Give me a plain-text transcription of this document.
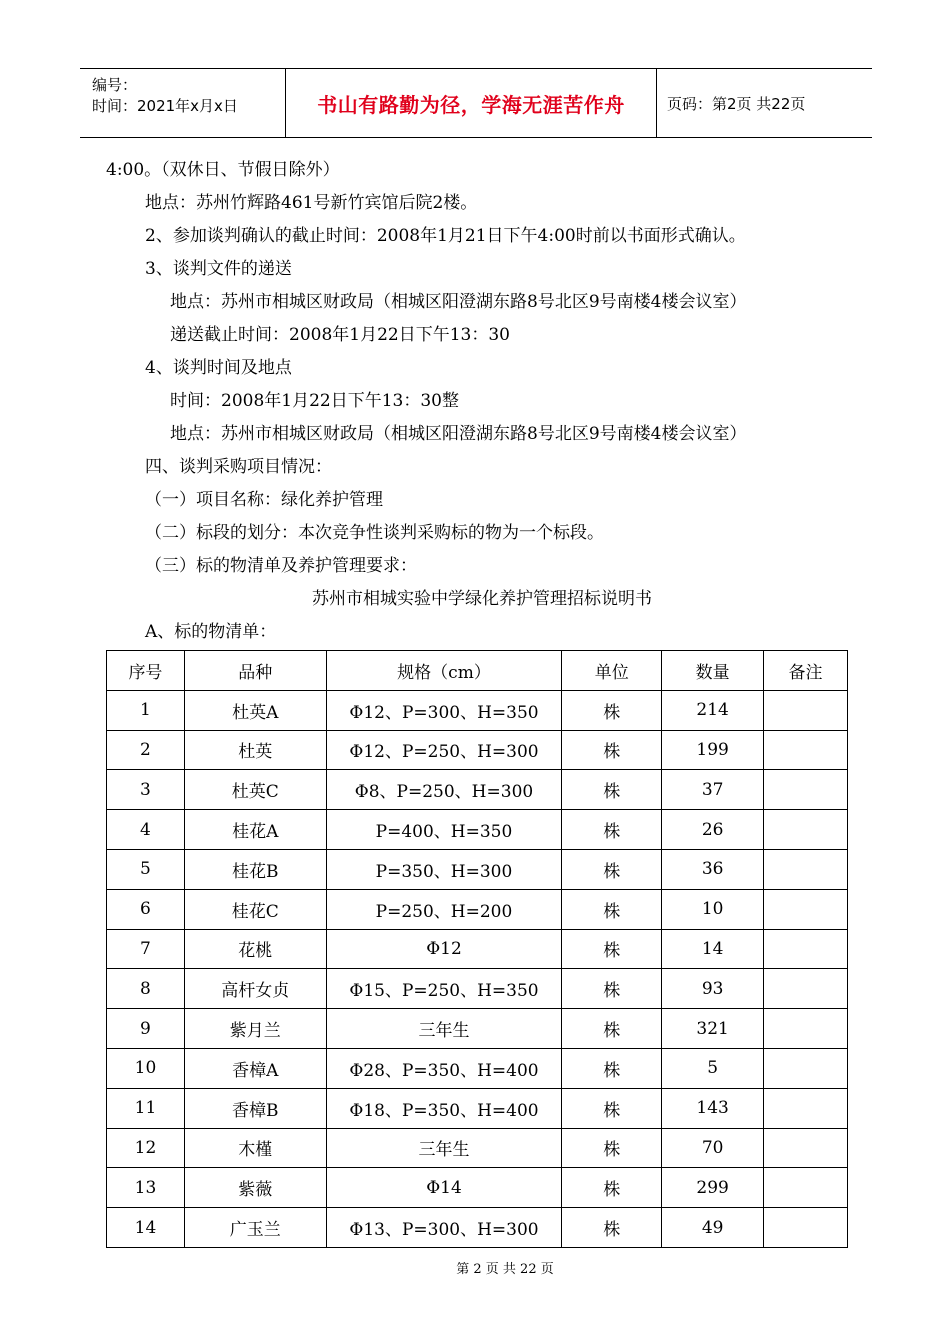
编号：
时间：2021年x月x日	书山有路勤为径，学海无涯苦作舟	页码：第2页 共22页
4:00。（双休日、节假日除外）
地点：苏州竹辉路461号新竹宾馆后院2楼。
2、参加谈判确认的截止时间：2008年1月21日下午4:00时前以书面形式确认。
3、谈判文件的递送
地点：苏州市相城区财政局（相城区阳澄湖东路8号北区9号南楼4楼会议室）
递送截止时间：2008年1月22日下午13：30
4、谈判时间及地点
时间：2008年1月22日下午13：30整
地点：苏州市相城区财政局（相城区阳澄湖东路8号北区9号南楼4楼会议室）
四、谈判采购项目情况：
（一）项目名称：绿化养护管理
（二）标段的划分：本次竞争性谈判采购标的物为一个标段。
（三）标的物清单及养护管理要求：
苏州市相城实验中学绿化养护管理招标说明书
A、标的物清单：
序号	品种	规格（cm）	单位	数量	备注
1	杜英A	Φ12、P=300、H=350	株	214	
2	杜英	Φ12、P=250、H=300	株	199	
3	杜英C	Φ8、P=250、H=300	株	37	
4	桂花A	P=400、H=350	株	26	
5	桂花B	P=350、H=300	株	36	
6	桂花C	P=250、H=200	株	10	
7	花桃	Φ12	株	14	
8	高杆女贞	Φ15、P=250、H=350	株	93	
9	紫月兰	三年生	株	321	
10	香樟A	Φ28、P=350、H=400	株	5	
11	香樟B	Φ18、P=350、H=400	株	143	
12	木槿	三年生	株	70	
13	紫薇	Φ14	株	299	
14	广玉兰	Φ13、P=300、H=300	株	49	
第 2 页 共 22 页
